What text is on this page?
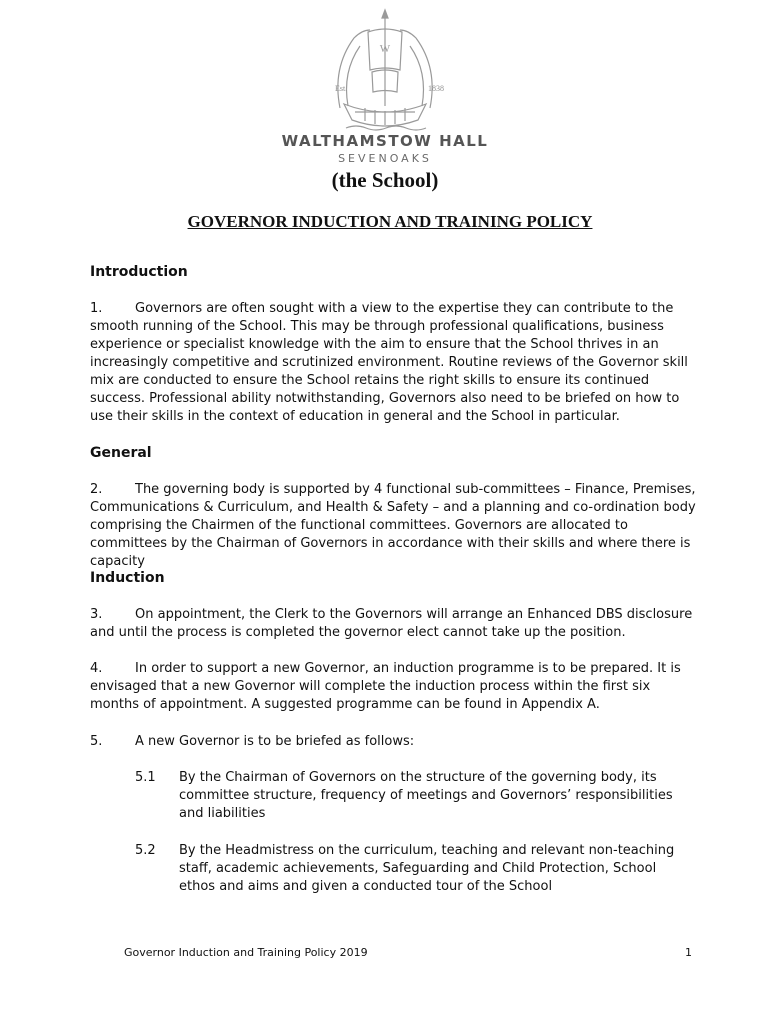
W
Est.	1838
WALTHAMSTOW HALL
SEVENOAKS
(the School)
GOVERNOR INDUCTION AND TRAINING POLICY
Introduction
1.	Governors are often sought with a view to the expertise they can contribute to the smooth running of the School. This may be through professional qualifications, business experience or specialist knowledge with the aim to ensure that the School thrives in an increasingly competitive and scrutinized environment. Routine reviews of the Governor skill mix are conducted to ensure the School retains the right skills to ensure its continued success. Professional ability notwithstanding, Governors also need to be briefed on how to use their skills in the context of education in general and the School in particular.
General
2.	The governing body is supported by 4 functional sub-committees – Finance, Premises, Communications & Curriculum, and Health & Safety – and a planning and co-ordination body comprising the Chairmen of the functional committees. Governors are allocated to committees by the Chairman of Governors in accordance with their skills and where there is capacity
Induction
3.	On appointment, the Clerk to the Governors will arrange an Enhanced DBS disclosure and until the process is completed the governor elect cannot take up the position.
4.	In order to support a new Governor, an induction programme is to be prepared. It is envisaged that a new Governor will complete the induction process within the first six months of appointment. A suggested programme can be found in Appendix A.
5.	A new Governor is to be briefed as follows:
5.1	By the Chairman of Governors on the structure of the governing body, its committee structure, frequency of meetings and Governors’ responsibilities and liabilities
5.2	By the Headmistress on the curriculum, teaching and relevant non-teaching staff, academic achievements, Safeguarding and Child Protection, School ethos and aims and given a conducted tour of the School
Governor Induction and Training Policy 2019	1
